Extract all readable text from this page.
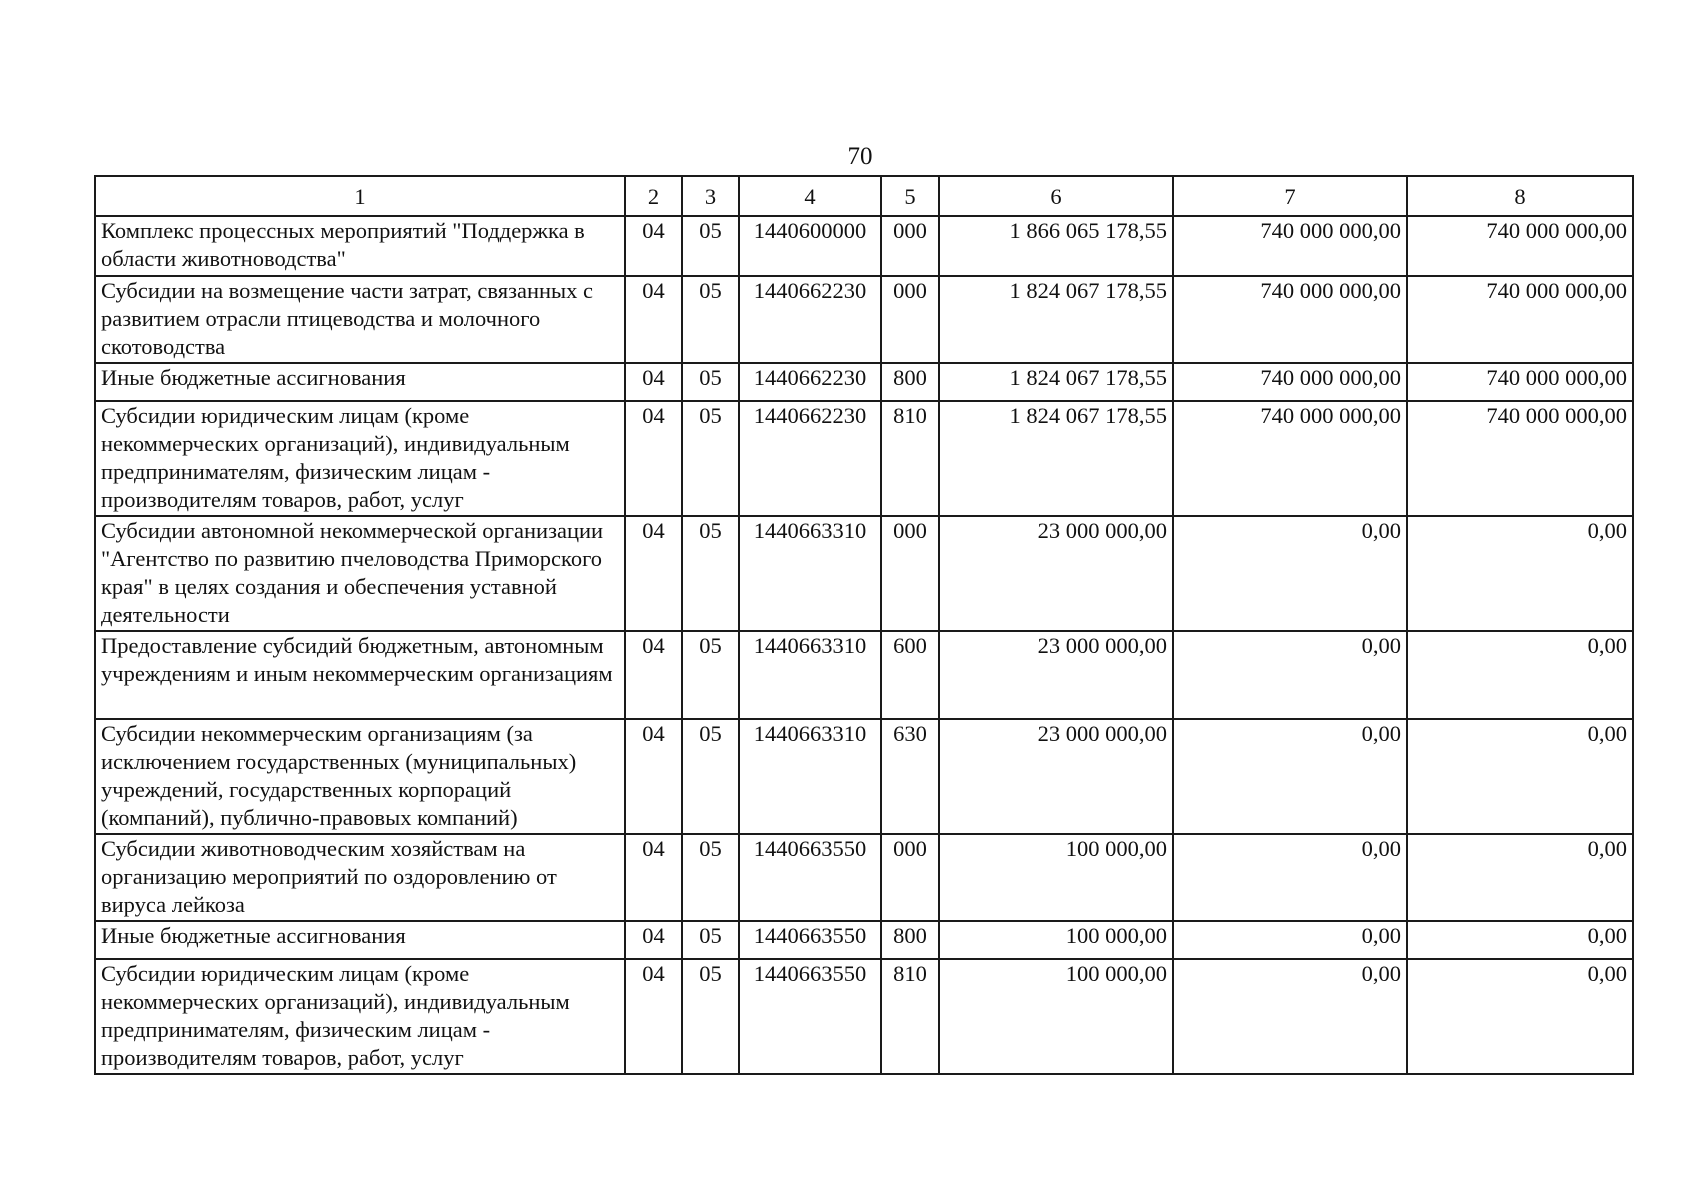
70
1	2	3	4	5	6	7	8
Комплекс процессных мероприятий "Поддержка в области животноводства"	04	05	1440600000	000	1 866 065 178,55	740 000 000,00	740 000 000,00
Субсидии на возмещение части затрат, связанных с развитием отрасли птицеводства и молочного скотоводства	04	05	1440662230	000	1 824 067 178,55	740 000 000,00	740 000 000,00
Иные бюджетные ассигнования	04	05	1440662230	800	1 824 067 178,55	740 000 000,00	740 000 000,00
Субсидии юридическим лицам (кроме некоммерческих организаций), индивидуальным предпринимателям, физическим лицам - производителям товаров, работ, услуг	04	05	1440662230	810	1 824 067 178,55	740 000 000,00	740 000 000,00
Субсидии автономной некоммерческой организации "Агентство по развитию пчеловодства Приморского края" в целях создания и обеспечения уставной деятельности	04	05	1440663310	000	23 000 000,00	0,00	0,00
Предоставление субсидий бюджетным, автономным учреждениям и иным некоммерческим организациям	04	05	1440663310	600	23 000 000,00	0,00	0,00
Субсидии некоммерческим организациям (за исключением государственных (муниципальных) учреждений, государственных корпораций (компаний), публично-правовых компаний)	04	05	1440663310	630	23 000 000,00	0,00	0,00
Субсидии животноводческим хозяйствам на организацию мероприятий по оздоровлению от вируса лейкоза	04	05	1440663550	000	100 000,00	0,00	0,00
Иные бюджетные ассигнования	04	05	1440663550	800	100 000,00	0,00	0,00
Субсидии юридическим лицам (кроме некоммерческих организаций), индивидуальным предпринимателям, физическим лицам - производителям товаров, работ, услуг	04	05	1440663550	810	100 000,00	0,00	0,00
